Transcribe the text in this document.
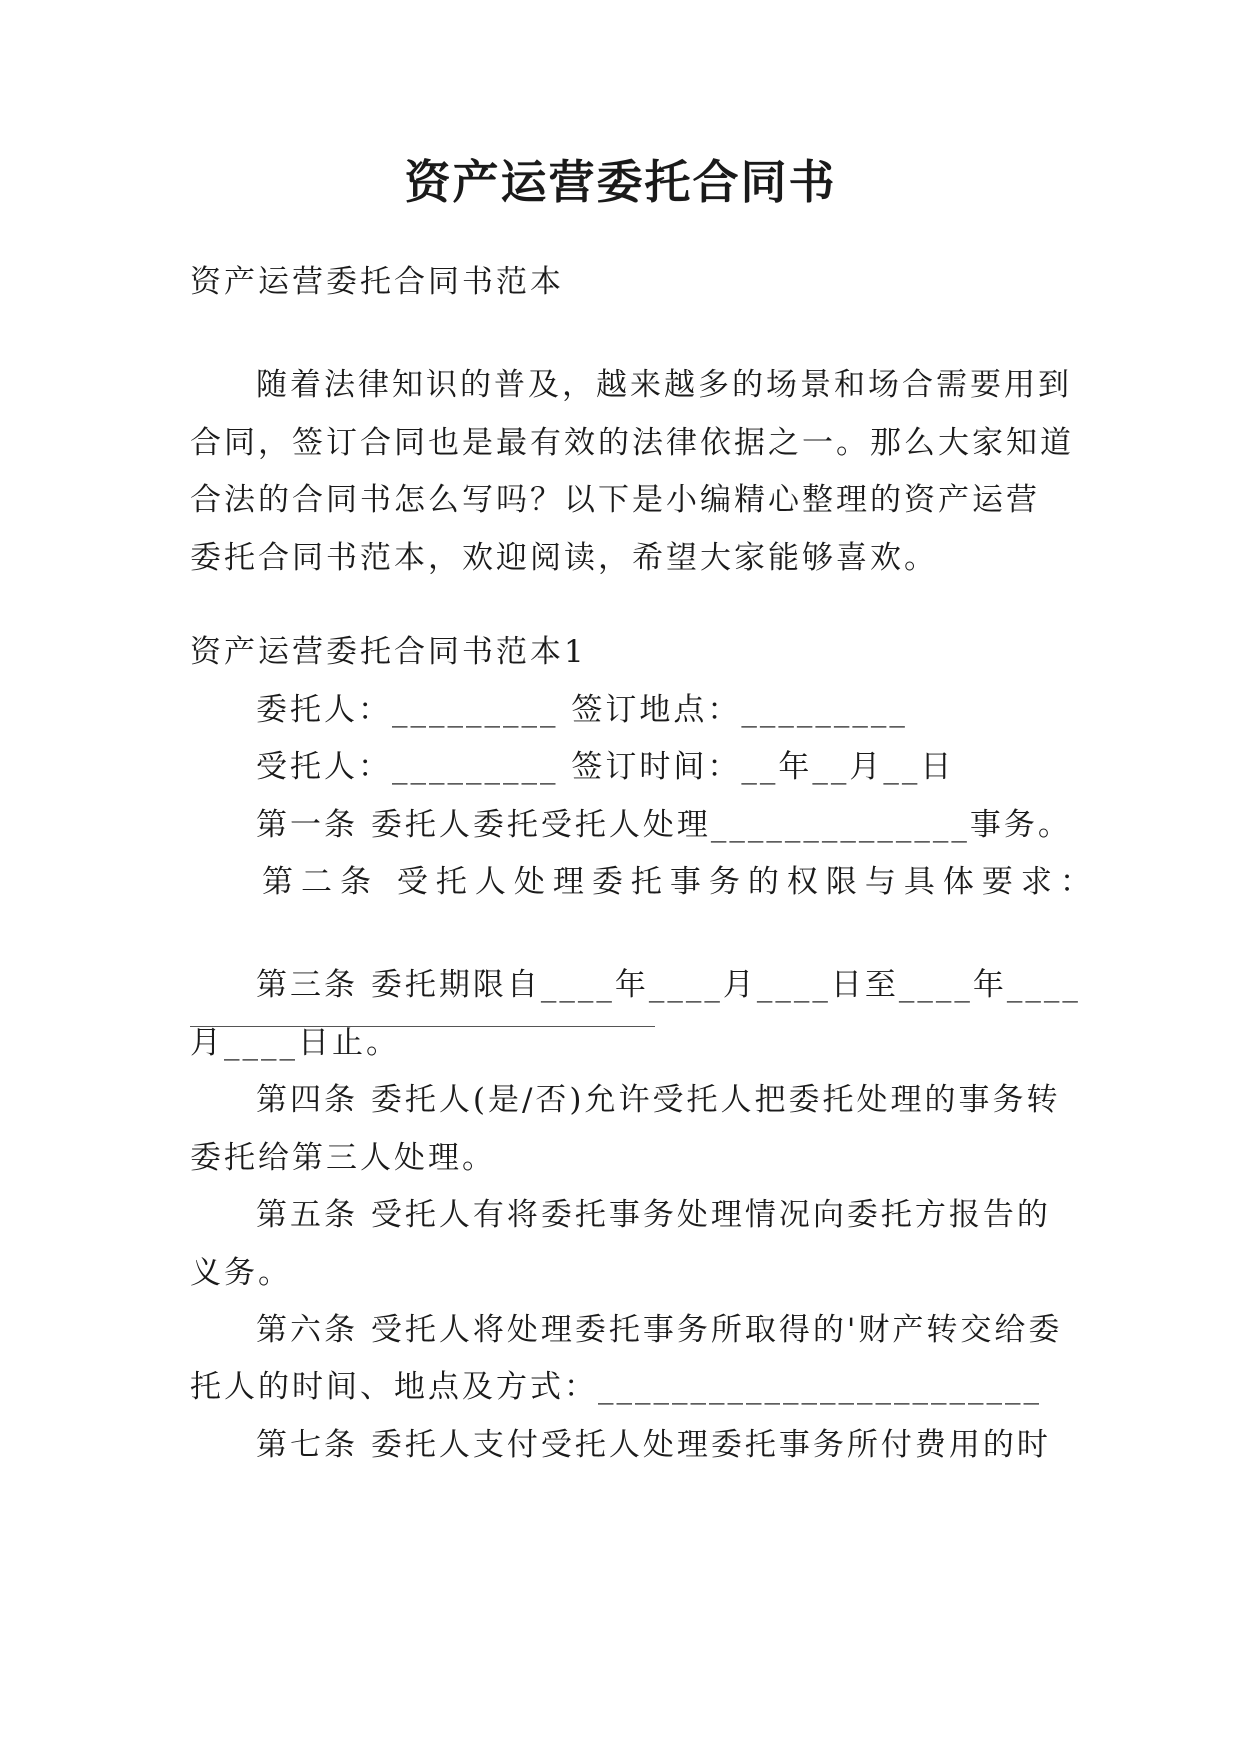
资产运营委托合同书
资产运营委托合同书范本
随着法律知识的普及，越来越多的场景和场合需要用到
合同，签订合同也是最有效的法律依据之一。那么大家知道
合法的合同书怎么写吗？以下是小编精心整理的资产运营
委托合同书范本，欢迎阅读，希望大家能够喜欢。
资产运营委托合同书范本1
委托人：_________ 签订地点：_________
受托人：_________ 签订时间：__年__月__日
第一条 委托人委托受托人处理______________事务。
第二条 受托人处理委托事务的权限与具体要求：
第三条 委托期限自____年____月____日至____年____
月____日止。
第四条 委托人(是/否)允许受托人把委托处理的事务转
委托给第三人处理。
第五条 受托人有将委托事务处理情况向委托方报告的
义务。
第六条 受托人将处理委托事务所取得的'财产转交给委
托人的时间、地点及方式：________________________
第七条 委托人支付受托人处理委托事务所付费用的时
